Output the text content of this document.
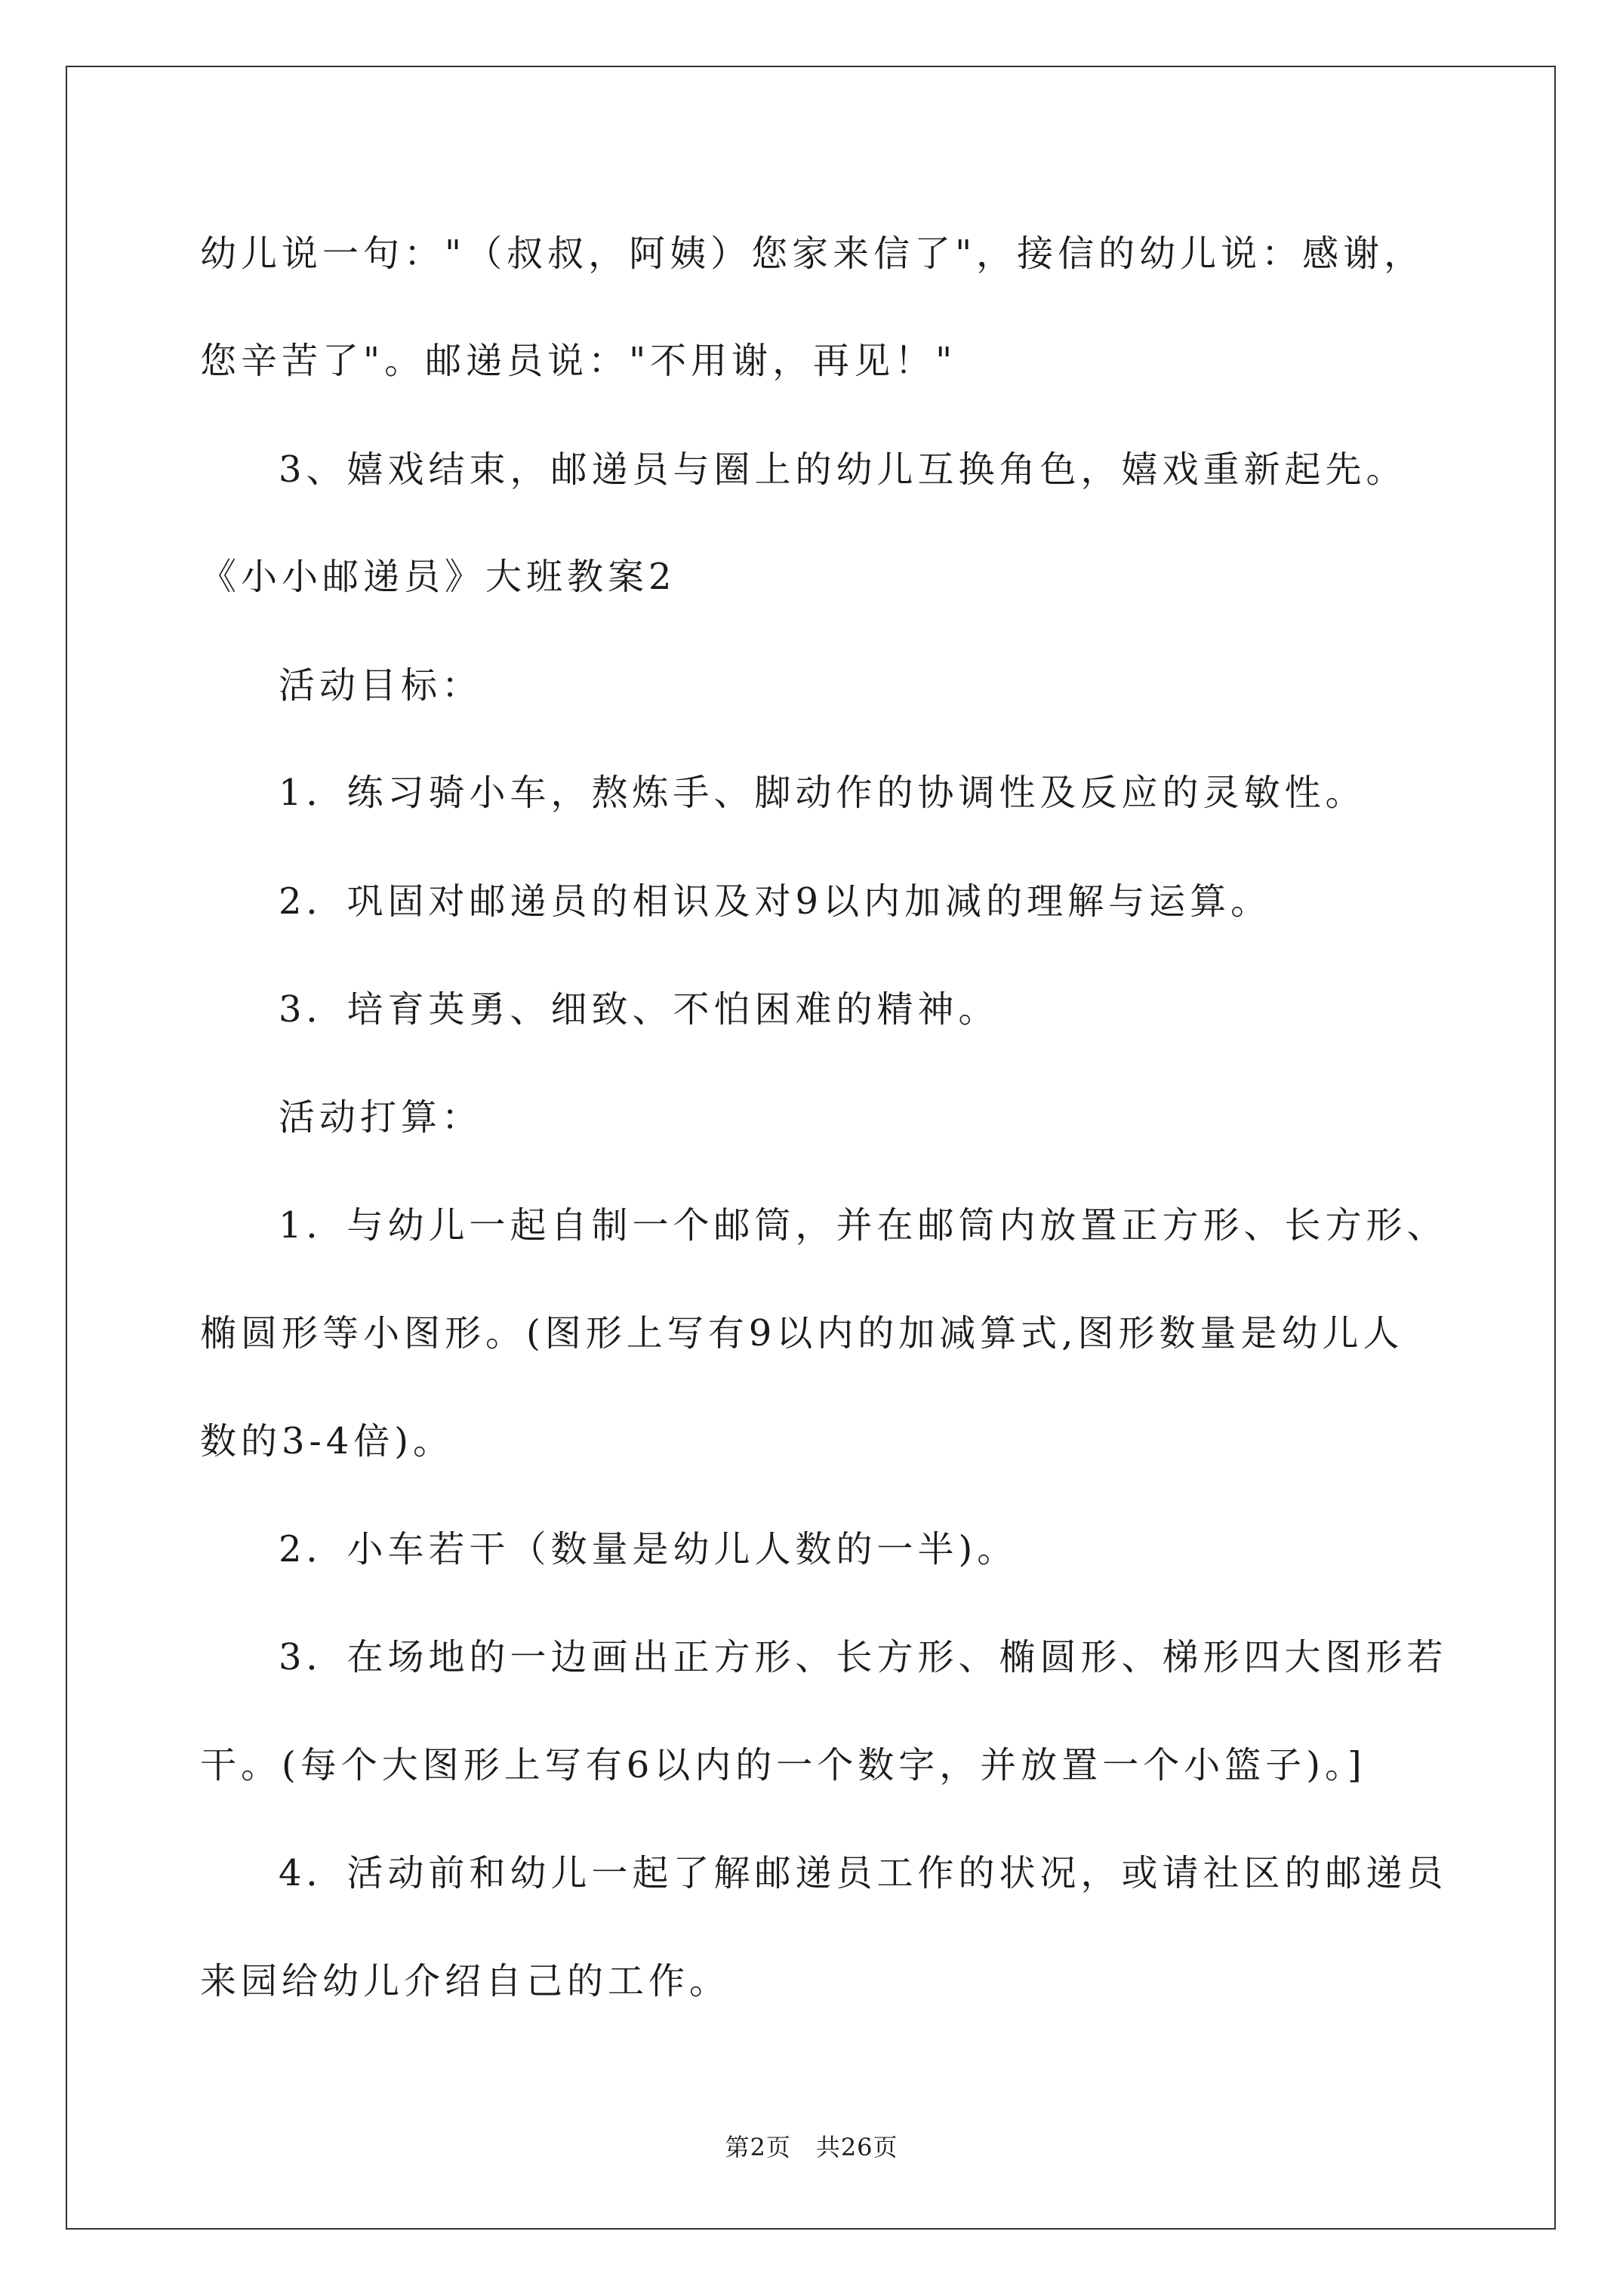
幼儿说一句："（叔叔，阿姨）您家来信了"，接信的幼儿说：感谢，
您辛苦了"。邮递员说："不用谢，再见！"
3、嬉戏结束，邮递员与圈上的幼儿互换角色，嬉戏重新起先。
《小小邮递员》大班教案2
活动目标：
1．练习骑小车，熬炼手、脚动作的协调性及反应的灵敏性。
2．巩固对邮递员的相识及对9以内加减的理解与运算。
3．培育英勇、细致、不怕困难的精神。
活动打算：
1．与幼儿一起自制一个邮筒，并在邮筒内放置正方形、长方形、
椭圆形等小图形。(图形上写有9以内的加减算式,图形数量是幼儿人
数的3-4倍)。
2．小车若干（数量是幼儿人数的一半)。
3．在场地的一边画出正方形、长方形、椭圆形、梯形四大图形若
干。(每个大图形上写有6以内的一个数字，并放置一个小篮子)。]
4．活动前和幼儿一起了解邮递员工作的状况，或请社区的邮递员
来园给幼儿介绍自己的工作。
第2页　共26页
